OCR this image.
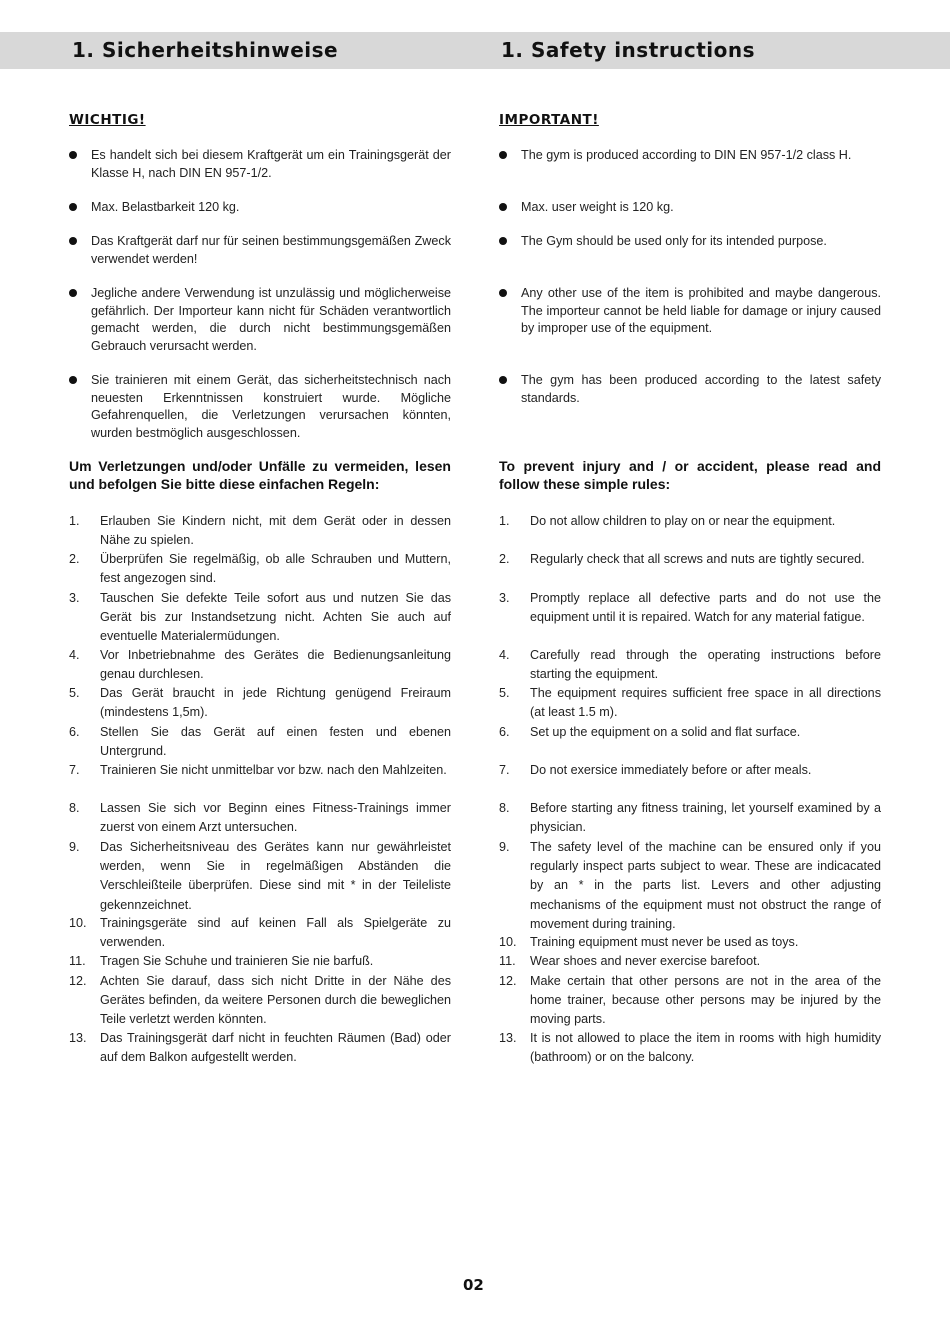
1. Sicherheitshinweise	1. Safety instructions
WICHTIG!
Es handelt sich bei diesem Kraftgerät um ein Trainingsgerät der Klasse H, nach DIN EN 957-1/2.
Max. Belastbarkeit 120 kg.
Das Kraftgerät darf nur für seinen bestimmungsgemäßen Zweck verwendet werden!
Jegliche andere Verwendung ist unzulässig und möglicherweise gefährlich. Der Importeur kann nicht für Schäden verantwortlich gemacht werden, die durch nicht bestimmungsgemäßen Gebrauch verursacht werden.
Sie trainieren mit einem Gerät, das sicherheitstechnisch nach neuesten Erkenntnissen konstruiert wurde. Mögliche Gefahrenquellen, die Verletzungen verursachen könnten, wurden bestmöglich ausgeschlossen.
Um Verletzungen und/oder Unfälle zu vermeiden, lesen und befolgen Sie bitte diese einfachen Regeln:
1. Erlauben Sie Kindern nicht, mit dem Gerät oder in dessen Nähe zu spielen.
2. Überprüfen Sie regelmäßig, ob alle Schrauben und Muttern, fest angezogen sind.
3. Tauschen Sie defekte Teile sofort aus und nutzen Sie das Gerät bis zur Instandsetzung nicht. Achten Sie auch auf eventuelle Materialermüdungen.
4. Vor Inbetriebnahme des Gerätes die Bedienungsanleitung genau durchlesen.
5. Das Gerät braucht in jede Richtung genügend Freiraum (mindestens 1,5m).
6. Stellen Sie das Gerät auf einen festen und ebenen Untergrund.
7. Trainieren Sie nicht unmittelbar vor bzw. nach den Mahlzeiten.
8. Lassen Sie sich vor Beginn eines Fitness-Trainings immer zuerst von einem Arzt untersuchen.
9. Das Sicherheitsniveau des Gerätes kann nur gewährleistet werden, wenn Sie in regelmäßigen Abständen die Verschleißteile überprüfen. Diese sind mit * in der Teileliste gekennzeichnet.
10. Trainingsgeräte sind auf keinen Fall als Spielgeräte zu verwenden.
11. Tragen Sie Schuhe und trainieren Sie nie barfuß.
12. Achten Sie darauf, dass sich nicht Dritte in der Nähe des Gerätes befinden, da weitere Personen durch die beweglichen Teile verletzt werden könnten.
13. Das Trainingsgerät darf nicht in feuchten Räumen (Bad) oder auf dem Balkon aufgestellt werden.
IMPORTANT!
The gym is produced according to DIN EN 957-1/2 class H.
Max. user weight is 120 kg.
The Gym should be used only for its intended purpose.
Any other use of the item is prohibited and maybe dangerous. The importeur cannot be held liable for damage or injury caused by improper use of the equipment.
The gym has been produced according to the latest safety standards.
To prevent injury and / or accident, please read and follow these simple rules:
1. Do not allow children to play on or near the equipment.
2. Regularly check that all screws and nuts are tightly secured.
3. Promptly replace all defective parts and do not use the equipment until it is repaired. Watch for any material fatigue.
4. Carefully read through the operating instructions before starting the equipment.
5. The equipment requires sufficient free space in all directions (at least 1.5 m).
6. Set up the equipment on a solid and flat surface.
7. Do not exersice immediately before or after meals.
8. Before starting any fitness training, let yourself examined by a physician.
9. The safety level of the machine can be ensured only if you regularly inspect parts subject to wear. These are indicacated by an * in the parts list. Levers and other adjusting mechanisms of the equipment must not obstruct the range of movement during training.
10. Training equipment must never be used as toys.
11. Wear shoes and never exercise barefoot.
12. Make certain that other persons are not in the area of the home trainer, because other persons may be injured by the moving parts.
13. It is not allowed to place the item in rooms with high humidity (bathroom) or on the balcony.
02
